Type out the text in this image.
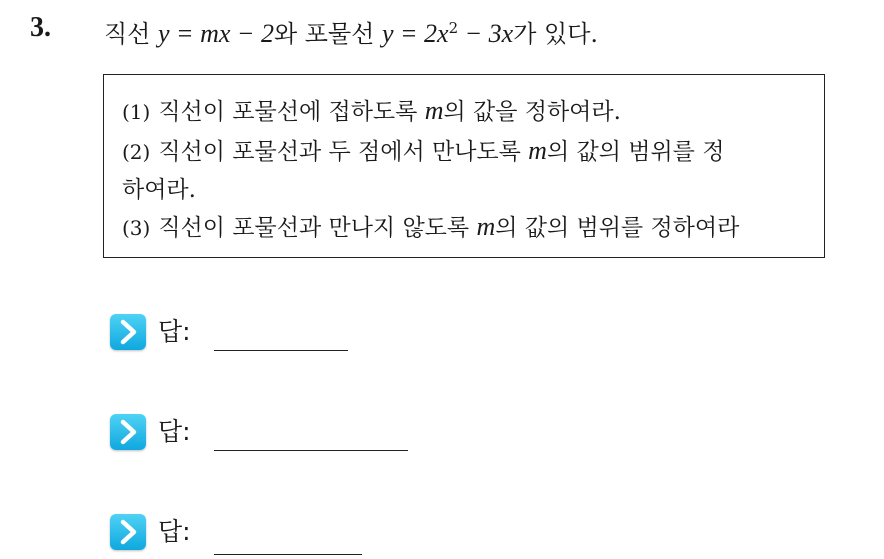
3. 직선 y = mx − 2와 포물선 $y = 2x^2 - 3x$가 있다.
(1) 직선이 포물선에 접하도록 m의 값을 정하여라.
(2) 직선이 포물선과 두 점에서 만나도록 m의 값의 범위를 정
하여라.
(3) 직선이 포물선과 만나지 않도록 m의 값의 범위를 정하여라
답:
답:
답:
